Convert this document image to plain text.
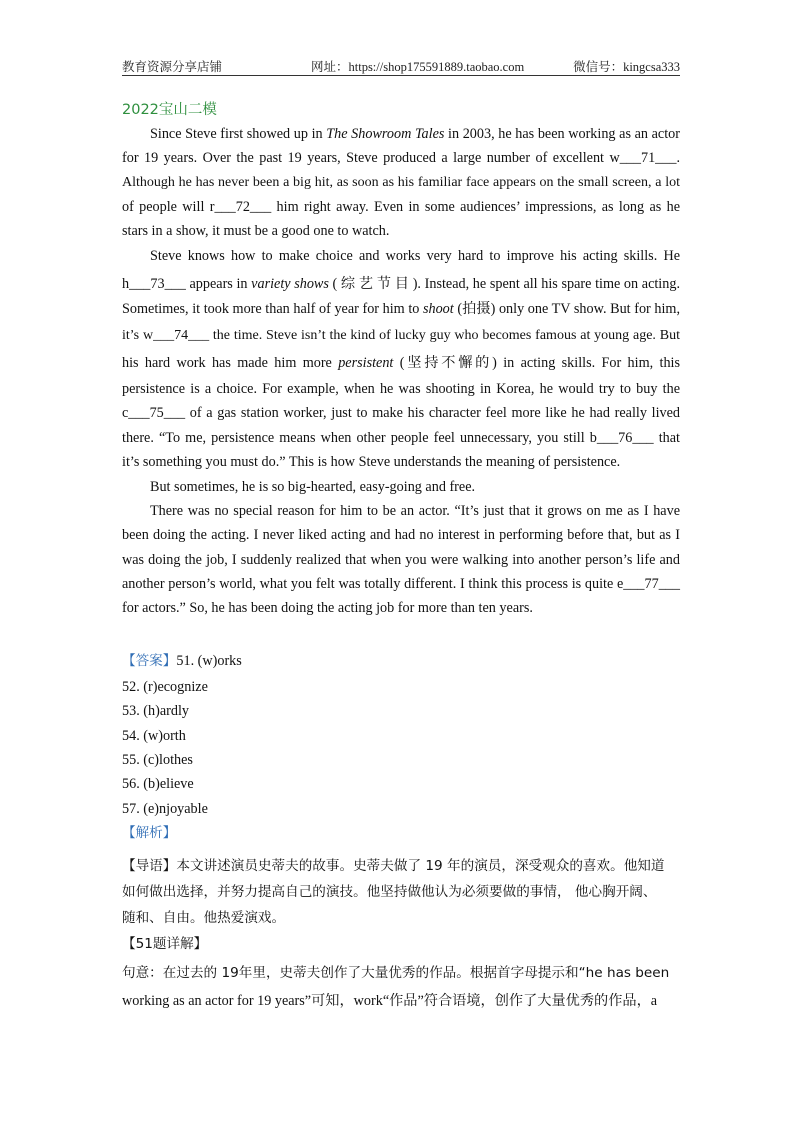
教育资源分享店铺	网址：https://shop175591889.taobao.com	微信号：kingcsa333
2022宝山二模
Since Steve first showed up in The Showroom Tales in 2003, he has been working as an actor
for 19 years. Over the past 19 years, Steve produced a large number of excellent w___71___.
Although he has never been a big hit, as soon as his familiar face appears on the small screen, a lot
of people will r___72___ him right away. Even in some audiences’ impressions, as long as he
stars in a show, it must be a good one to watch.
Steve knows how to make choice and works very hard to improve his acting skills. He
h___73___ appears in variety shows ( 综 艺 节 目 ). Instead, he spent all his spare time on acting.
Sometimes, it took more than half of year for him to shoot (拍摄) only one TV show. But for him,
it’s w___74___ the time. Steve isn’t the kind of lucky guy who becomes famous at young age. But
his hard work has made him more persistent (坚持不懈的) in acting skills. For him, this
persistence is a choice. For example, when he was shooting in Korea, he would try to buy the
c___75___ of a gas station worker, just to make his character feel more like he had really lived
there. “To me, persistence means when other people feel unnecessary, you still b___76___ that
it’s something you must do.” This is how Steve understands the meaning of persistence.
But sometimes, he is so big-hearted, easy-going and free.
There was no special reason for him to be an actor. “It’s just that it grows on me as I have
been doing the acting. I never liked acting and had no interest in performing before that, but as I
was doing the job, I suddenly realized that when you were walking into another person’s life and
another person’s world, what you felt was totally different. I think this process is quite e___77___
for actors.” So, he has been doing the acting job for more than ten years.
【答案】51. (w)orks
52. (r)ecognize
53. (h)ardly
54. (w)orth
55. (c)lothes
56. (b)elieve
57. (e)njoyable
【解析】
【导语】本文讲述演员史蒂夫的故事。史蒂夫做了 19 年的演员，深受观众的喜欢。他知道
如何做出选择，并努力提高自己的演技。他坚持做他认为必须要做的事情， 他心胸开阔、
随和、自由。他热爱演戏。
【51题详解】
句意：在过去的 19年里，史蒂夫创作了大量优秀的作品。根据首字母提示和“he has been
working as an actor for 19 years”可知，work“作品”符合语境，创作了大量优秀的作品，a
